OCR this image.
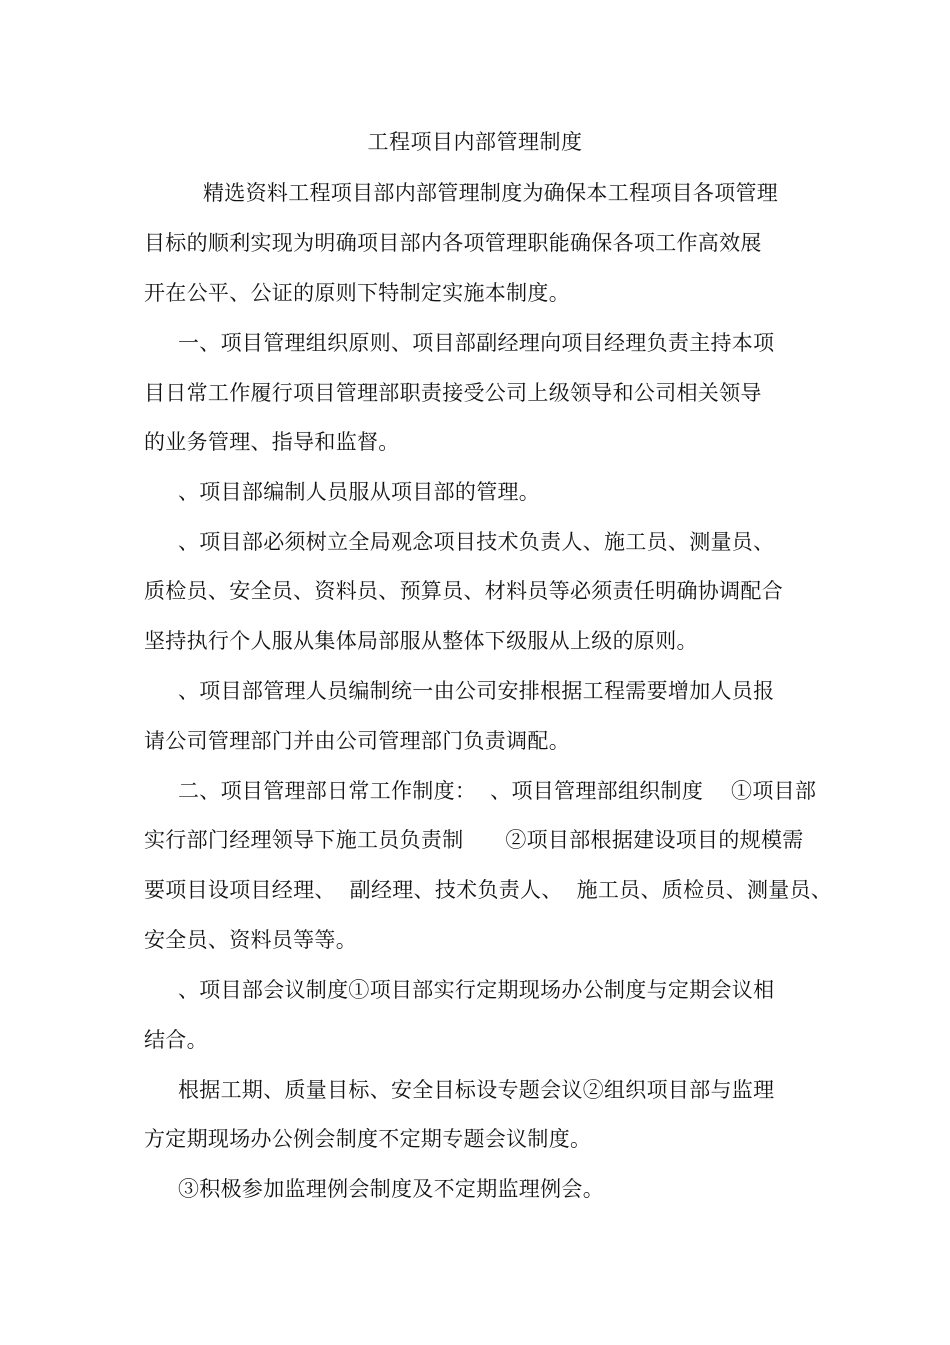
工程项目内部管理制度
精选资料工程项目部内部管理制度为确保本工程项目各项管理
目标的顺利实现为明确项目部内各项管理职能确保各项工作高效展
开在公平、公证的原则下特制定实施本制度。
一、项目管理组织原则、项目部副经理向项目经理负责主持本项
目日常工作履行项目管理部职责接受公司上级领导和公司相关领导
的业务管理、指导和监督。
、项目部编制人员服从项目部的管理。
、项目部必须树立全局观念项目技术负责人、施工员、测量员、
质检员、安全员、资料员、预算员、材料员等必须责任明确协调配合
坚持执行个人服从集体局部服从整体下级服从上级的原则。
、项目部管理人员编制统一由公司安排根据工程需要增加人员报
请公司管理部门并由公司管理部门负责调配。
二、项目管理部日常工作制度：  、项目管理部组织制度    ①项目部
实行部门经理领导下施工员负责制      ②项目部根据建设项目的规模需
要项目设项目经理、  副经理、技术负责人、  施工员、质检员、测量员、
安全员、资料员等等。
、项目部会议制度①项目部实行定期现场办公制度与定期会议相
结合。
根据工期、质量目标、安全目标设专题会议②组织项目部与监理
方定期现场办公例会制度不定期专题会议制度。
③积极参加监理例会制度及不定期监理例会。
